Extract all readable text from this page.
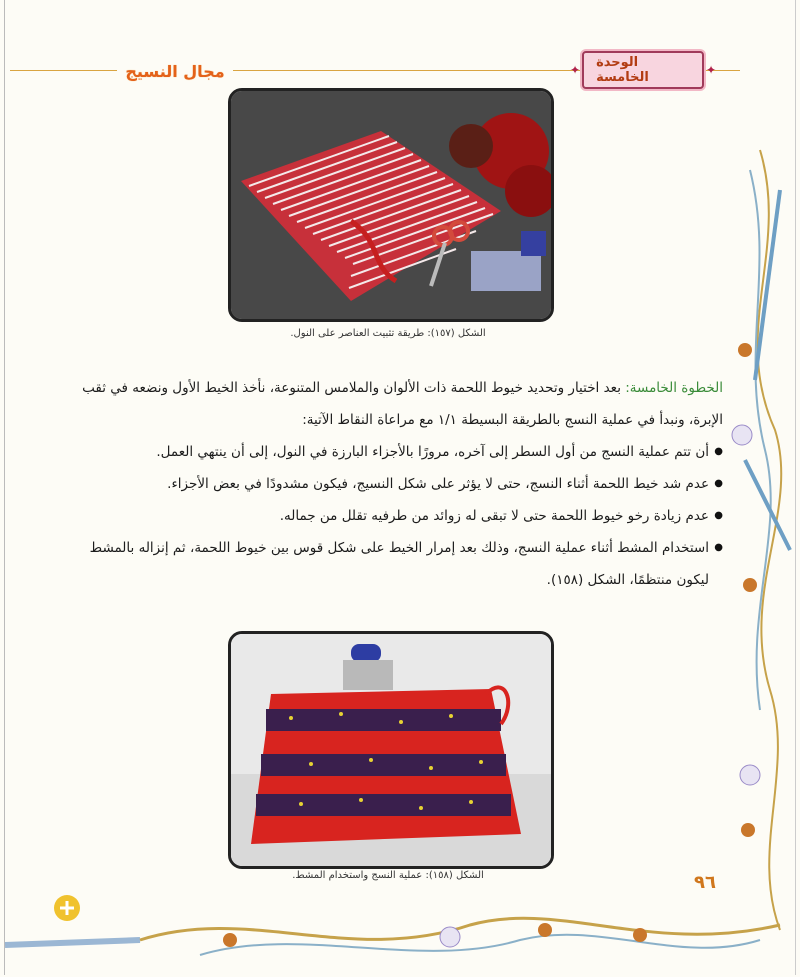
مجال النسيج	✦	الوحدة الخامسة	✦
الشكل (١٥٧): طريقة تثبيت العناصر على النول.

الخطوة الخامسة: بعد اختيار وتحديد خيوط اللحمة ذات الألوان والملامس المتنوعة، نأخذ الخيط الأول ونضعه في ثقب الإبرة، ونبدأ في عملية النسج بالطريقة البسيطة ١/١ مع مراعاة النقاط الآتية:

● أن تتم عملية النسج من أول السطر إلى آخره، مرورًا بالأجزاء البارزة في النول، إلى أن ينتهي العمل.
● عدم شد خيط اللحمة أثناء النسج، حتى لا يؤثر على شكل النسيج، فيكون مشدودًا في بعض الأجزاء.
● عدم زيادة رخو خيوط اللحمة حتى لا تبقى له زوائد من طرفيه تقلل من جماله.
● استخدام المشط أثناء عملية النسج، وذلك بعد إمرار الخيط على شكل قوس بين خيوط اللحمة، ثم إنزاله بالمشط ليكون منتظمًا، الشكل (١٥٨).
الشكل (١٥٨): عملية النسج واستخدام المشط.	٩٦
